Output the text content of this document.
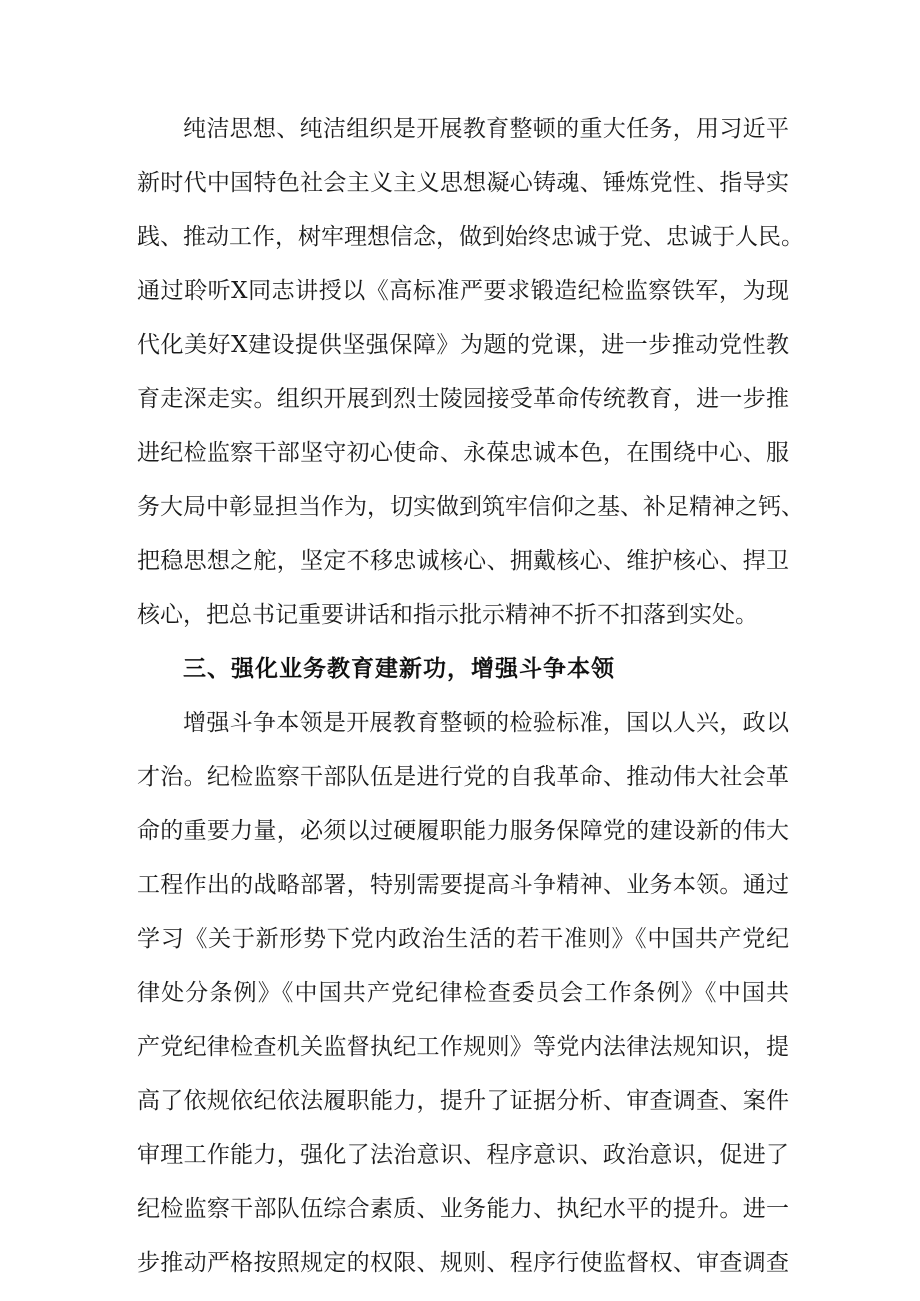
纯洁思想、纯洁组织是开展教育整顿的重大任务，用习近平
新时代中国特色社会主义主义思想凝心铸魂、锤炼党性、指导实
践、推动工作，树牢理想信念，做到始终忠诚于党、忠诚于人民。
通过聆听X同志讲授以《高标准严要求锻造纪检监察铁军，为现
代化美好X建设提供坚强保障》为题的党课，进一步推动党性教
育走深走实。组织开展到烈士陵园接受革命传统教育，进一步推
进纪检监察干部坚守初心使命、永葆忠诚本色，在围绕中心、服
务大局中彰显担当作为，切实做到筑牢信仰之基、补足精神之钙、
把稳思想之舵，坚定不移忠诚核心、拥戴核心、维护核心、捍卫
核心，把总书记重要讲话和指示批示精神不折不扣落到实处。
三、强化业务教育建新功，增强斗争本领
增强斗争本领是开展教育整顿的检验标准，国以人兴，政以
才治。纪检监察干部队伍是进行党的自我革命、推动伟大社会革
命的重要力量，必须以过硬履职能力服务保障党的建设新的伟大
工程作出的战略部署，特别需要提高斗争精神、业务本领。通过
学习《关于新形势下党内政治生活的若干准则》《中国共产党纪
律处分条例》《中国共产党纪律检查委员会工作条例》《中国共
产党纪律检查机关监督执纪工作规则》等党内法律法规知识，提
高了依规依纪依法履职能力，提升了证据分析、审查调查、案件
审理工作能力，强化了法治意识、程序意识、政治意识，促进了
纪检监察干部队伍综合素质、业务能力、执纪水平的提升。进一
步推动严格按照规定的权限、规则、程序行使监督权、审查调查
